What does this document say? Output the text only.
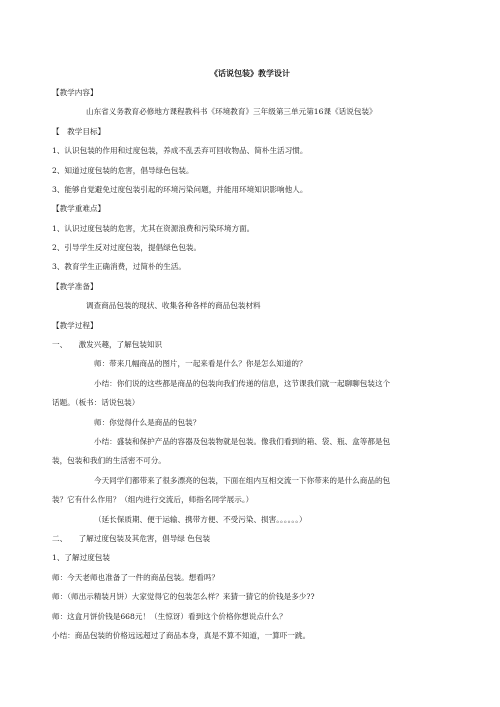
《话说包装》教学设计
【教学内容】
山东省义务教育必修地方课程教科书《环境教育》三年级第三单元第16课《话说包装》
【　教学目标】
1、认识包装的作用和过度包装，养成不乱丢弃可回收物品、简朴生活习惯。
2、知道过度包装的危害，倡导绿色包装。
3、能够自觉避免过度包装引起的环境污染问题，并能用环境知识影响他人。
【教学重难点】
1、认识过度包装的危害，尤其在资源浪费和污染环境方面。
2、引导学生反对过度包装，提倡绿色包装。
3、教育学生正确消费，过简朴的生活。
【教学准备】
调查商品包装的现状、收集各种各样的商品包装材料
【教学过程】
一、　　激发兴趣，了解包装知识
师：带来几幅商品的图片，一起来看是什么？你是怎么知道的？
小结：你们说的这些都是商品的包装向我们传递的信息，这节课我们就一起聊聊包装这个
话题。（板书：话说包装）
师：你觉得什么是商品的包装？
小结：盛装和保护产品的容器及包装物就是包装。像我们看到的箱、袋、瓶、盒等都是包
装，包装和我们的生活密不可分。
今天同学们都带来了很多漂亮的包装，下面在组内互相交流一下你带来的是什么商品的包
装？它有什么作用？（组内进行交流后，师指名同学展示。）
（延长保质期、便于运输、携带方便、不受污染、损害。。。。。。）
二、　　了解过度包装及其危害，倡导绿 色包装
1、了解过度包装
师：今天老师也准备了一件的商品包装。想看吗？
师：（师出示精装月饼）大家觉得它的包装怎么样？来猜一猜它的价钱是多少??
师：这盒月饼价钱是668元！（生惊讶）看到这个价格你想说点什么？
小结：商品包装的价格远远超过了商品本身，真是不算不知道，一算吓一跳。
